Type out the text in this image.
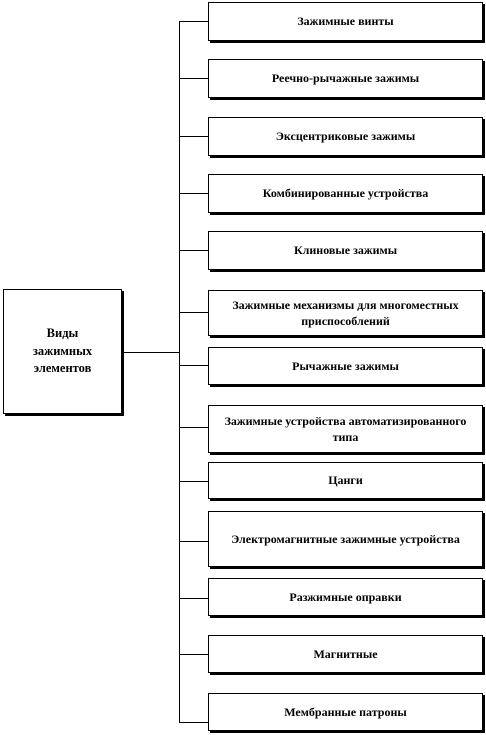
Виды
зажимных
элементов
Зажимные винты
Реечно-рычажные зажимы
Эксцентриковые зажимы
Комбинированные устройства
Клиновые зажимы
Зажимные механизмы для многоместных приспособлений
Рычажные зажимы
Зажимные устройства автоматизированного типа
Цанги
Электромагнитные зажимные устройства
Разжимные оправки
Магнитные
Мембранные патроны
